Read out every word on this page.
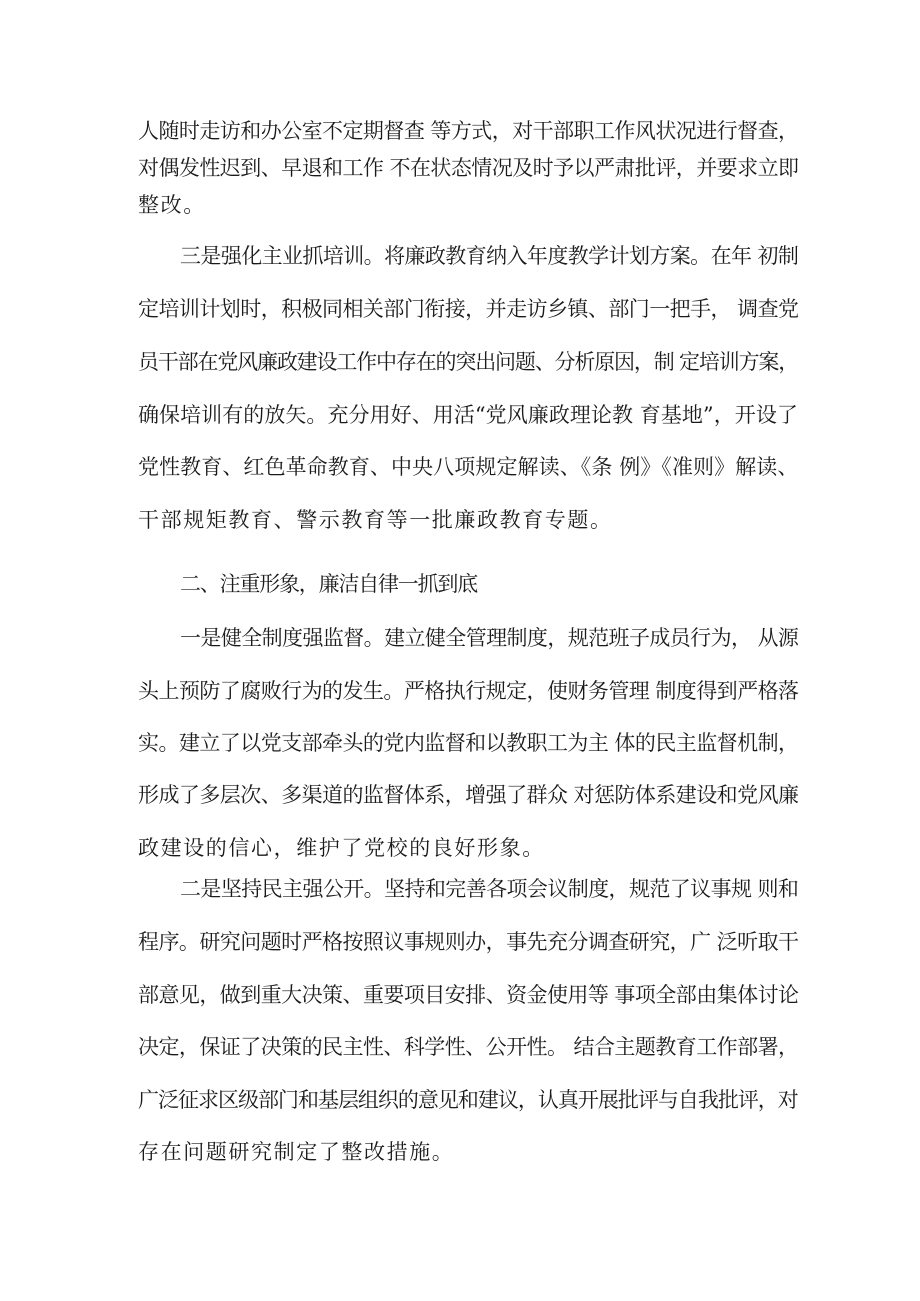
人随时走访和办公室不定期督查 等方式，对干部职工作风状况进行督查，
对偶发性迟到、早退和工作 不在状态情况及时予以严肃批评，并要求立即
整改。
三是强化主业抓培训。将廉政教育纳入年度教学计划方案。在年 初制
定培训计划时，积极同相关部门衔接，并走访乡镇、部门一把手， 调查党
员干部在党风廉政建设工作中存在的突出问题、分析原因，制 定培训方案，
确保培训有的放矢。充分用好、用活“党风廉政理论教 育基地”，开设了
党性教育、红色革命教育、中央八项规定解读、《条 例》《准则》解读、
干部规矩教育、警示教育等一批廉政教育专题。
二、注重形象，廉洁自律一抓到底
一是健全制度强监督。建立健全管理制度，规范班子成员行为， 从源
头上预防了腐败行为的发生。严格执行规定，使财务管理 制度得到严格落
实。建立了以党支部牵头的党内监督和以教职工为主 体的民主监督机制，
形成了多层次、多渠道的监督体系，增强了群众 对惩防体系建设和党风廉
政建设的信心，维护了党校的良好形象。
二是坚持民主强公开。坚持和完善各项会议制度，规范了议事规 则和
程序。研究问题时严格按照议事规则办，事先充分调查研究，广 泛听取干
部意见，做到重大决策、重要项目安排、资金使用等 事项全部由集体讨论
决定，保证了决策的民主性、科学性、公开性。 结合主题教育工作部署，
广泛征求区级部门和基层组织的意见和建议，认真开展批评与自我批评，对
存在问题研究制定了整改措施。
